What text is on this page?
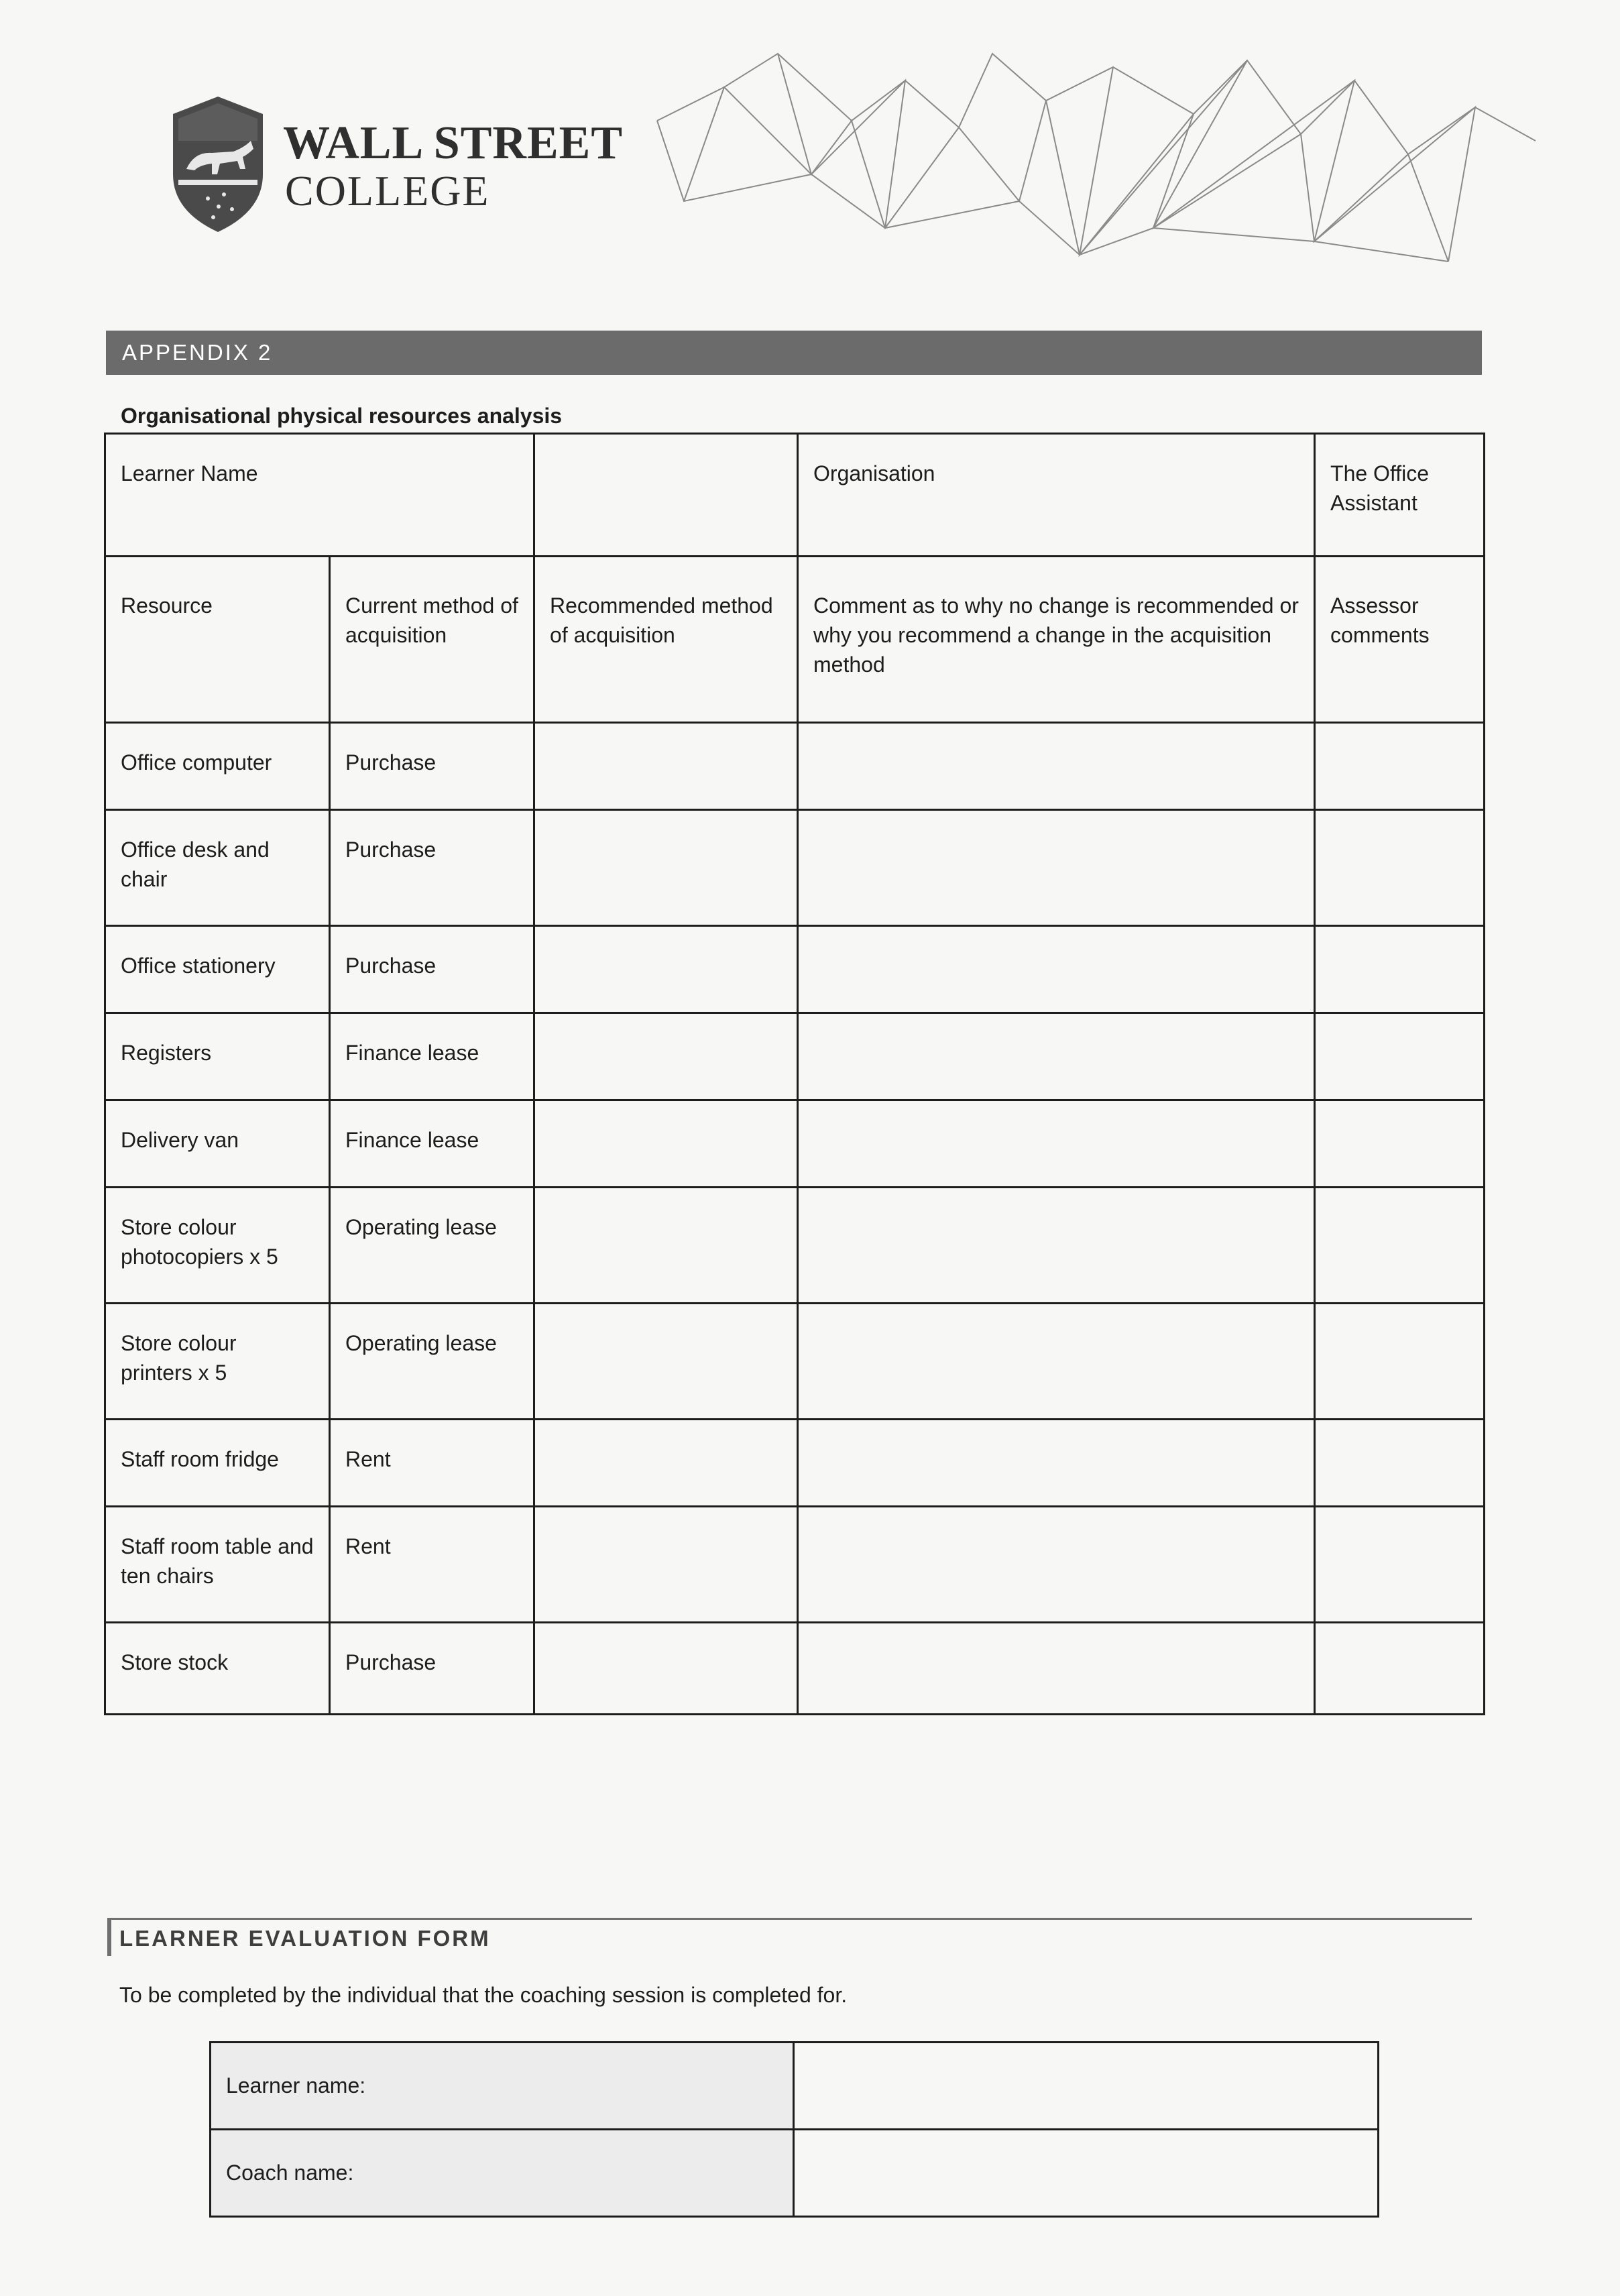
WALL STREET
COLLEGE
APPENDIX 2
Organisational physical resources analysis
Learner Name			Organisation	The Office Assistant
Resource	Current method of acquisition	Recommended method of acquisition	Comment as to why no change is recommended or why you recommend a change in the acquisition method	Assessor comments
Office computer	Purchase			
Office desk and chair	Purchase			
Office stationery	Purchase			
Registers	Finance lease			
Delivery van	Finance lease			
Store colour photocopiers x 5	Operating lease			
Store colour printers x 5	Operating lease			
Staff room fridge	Rent			
Staff room table and ten chairs	Rent			
Store stock	Purchase			
LEARNER EVALUATION FORM
To be completed by the individual that the coaching session is completed for.
Learner name:	
Coach name:	
